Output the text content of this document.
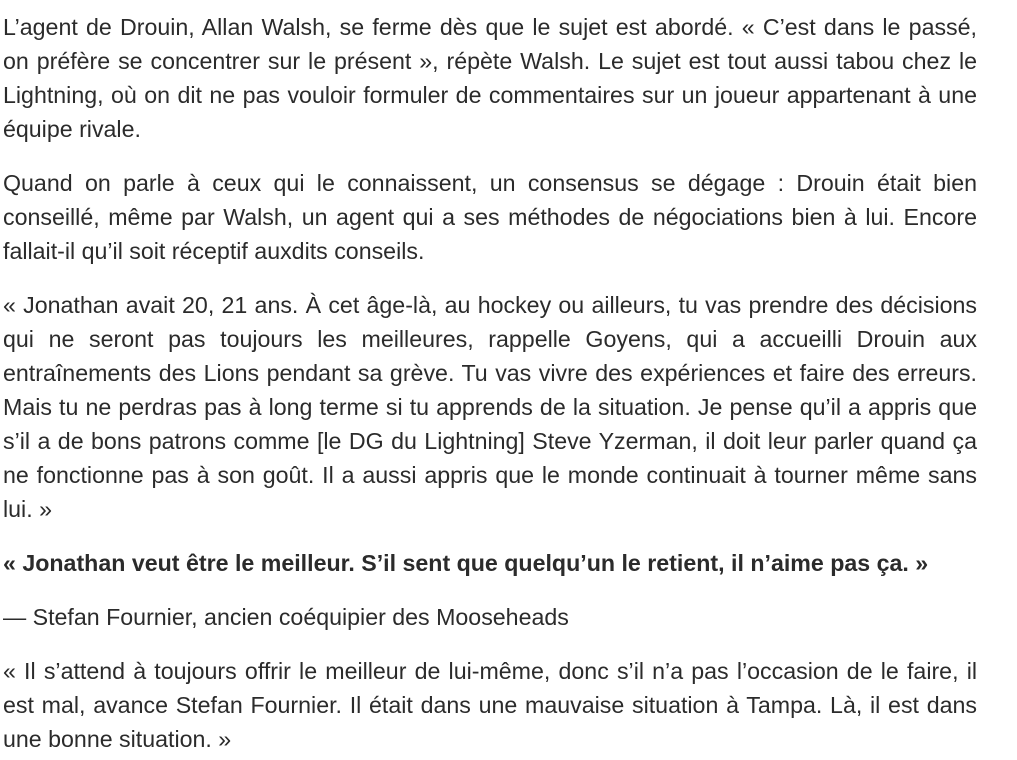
L’agent de Drouin, Allan Walsh, se ferme dès que le sujet est abordé. « C’est dans le passé, on préfère se concentrer sur le présent », répète Walsh. Le sujet est tout aussi tabou chez le Lightning, où on dit ne pas vouloir formuler de commentaires sur un joueur appartenant à une équipe rivale.

Quand on parle à ceux qui le connaissent, un consensus se dégage : Drouin était bien conseillé, même par Walsh, un agent qui a ses méthodes de négociations bien à lui. Encore fallait-il qu’il soit réceptif auxdits conseils.

« Jonathan avait 20, 21 ans. À cet âge-là, au hockey ou ailleurs, tu vas prendre des décisions qui ne seront pas toujours les meilleures, rappelle Goyens, qui a accueilli Drouin aux entraînements des Lions pendant sa grève. Tu vas vivre des expériences et faire des erreurs. Mais tu ne perdras pas à long terme si tu apprends de la situation. Je pense qu’il a appris que s’il a de bons patrons comme [le DG du Lightning] Steve Yzerman, il doit leur parler quand ça ne fonctionne pas à son goût. Il a aussi appris que le monde continuait à tourner même sans lui. »

« Jonathan veut être le meilleur. S’il sent que quelqu’un le retient, il n’aime pas ça. »

— Stefan Fournier, ancien coéquipier des Mooseheads

« Il s’attend à toujours offrir le meilleur de lui-même, donc s’il n’a pas l’occasion de le faire, il est mal, avance Stefan Fournier. Il était dans une mauvaise situation à Tampa. Là, il est dans une bonne situation. »
